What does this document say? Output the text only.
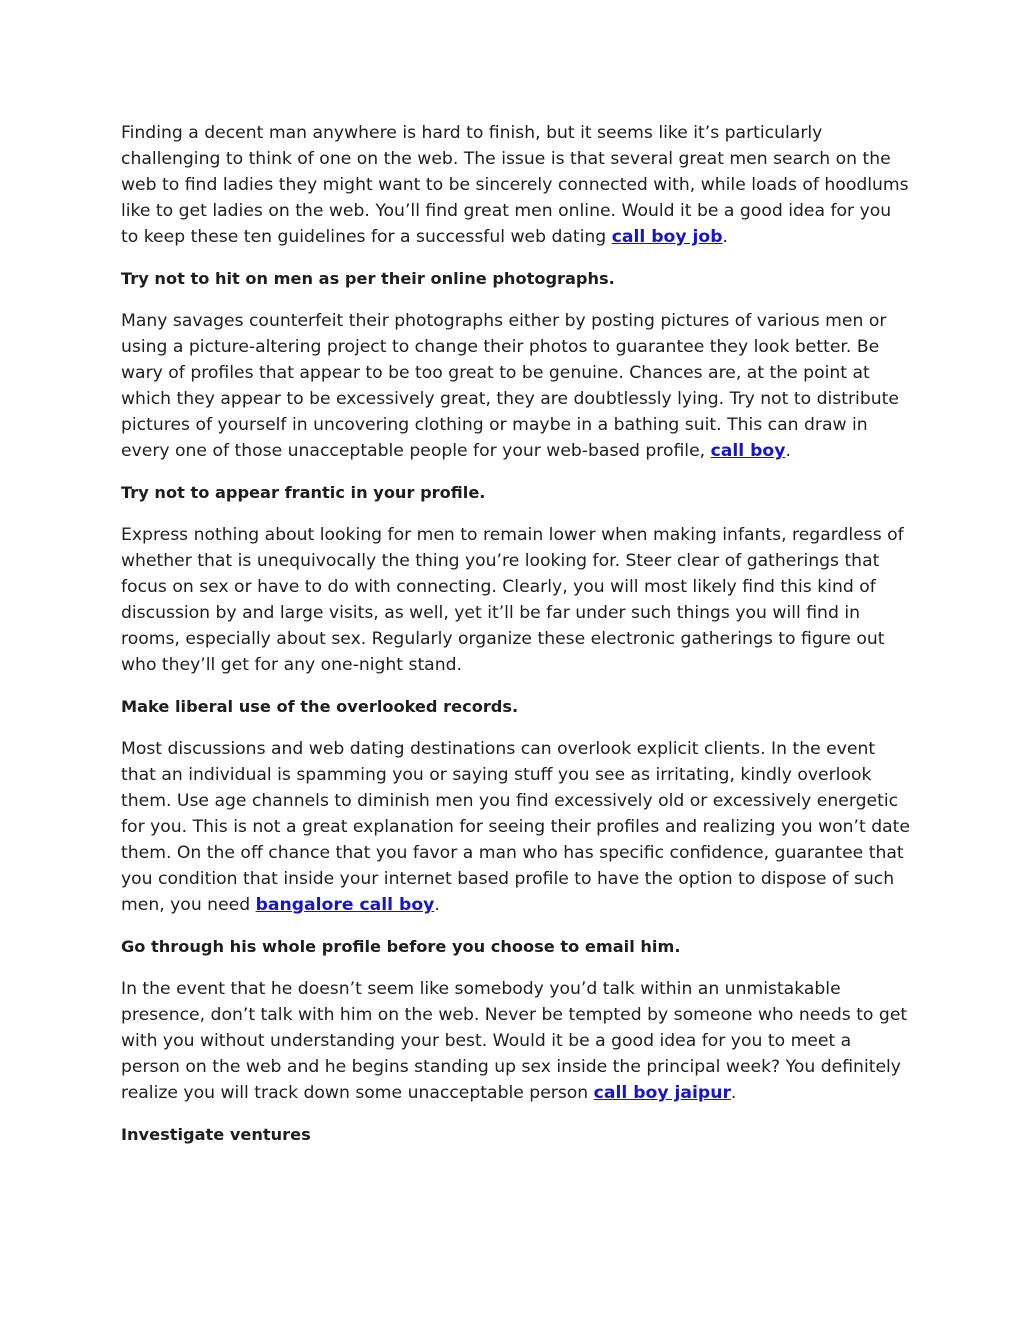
Finding a decent man anywhere is hard to finish, but it seems like it’s particularly challenging to think of one on the web. The issue is that several great men search on the web to find ladies they might want to be sincerely connected with, while loads of hoodlums like to get ladies on the web. You’ll find great men online. Would it be a good idea for you to keep these ten guidelines for a successful web dating call boy job.

Try not to hit on men as per their online photographs.

Many savages counterfeit their photographs either by posting pictures of various men or using a picture-altering project to change their photos to guarantee they look better. Be wary of profiles that appear to be too great to be genuine. Chances are, at the point at which they appear to be excessively great, they are doubtlessly lying. Try not to distribute pictures of yourself in uncovering clothing or maybe in a bathing suit. This can draw in every one of those unacceptable people for your web-based profile, call boy.

Try not to appear frantic in your profile.

Express nothing about looking for men to remain lower when making infants, regardless of whether that is unequivocally the thing you’re looking for. Steer clear of gatherings that focus on sex or have to do with connecting. Clearly, you will most likely find this kind of discussion by and large visits, as well, yet it’ll be far under such things you will find in rooms, especially about sex. Regularly organize these electronic gatherings to figure out who they’ll get for any one-night stand.

Make liberal use of the overlooked records.

Most discussions and web dating destinations can overlook explicit clients. In the event that an individual is spamming you or saying stuff you see as irritating, kindly overlook them. Use age channels to diminish men you find excessively old or excessively energetic for you. This is not a great explanation for seeing their profiles and realizing you won’t date them. On the off chance that you favor a man who has specific confidence, guarantee that you condition that inside your internet based profile to have the option to dispose of such men, you need bangalore call boy.

Go through his whole profile before you choose to email him.

In the event that he doesn’t seem like somebody you’d talk within an unmistakable presence, don’t talk with him on the web. Never be tempted by someone who needs to get with you without understanding your best. Would it be a good idea for you to meet a person on the web and he begins standing up sex inside the principal week? You definitely realize you will track down some unacceptable person call boy jaipur.

Investigate ventures
